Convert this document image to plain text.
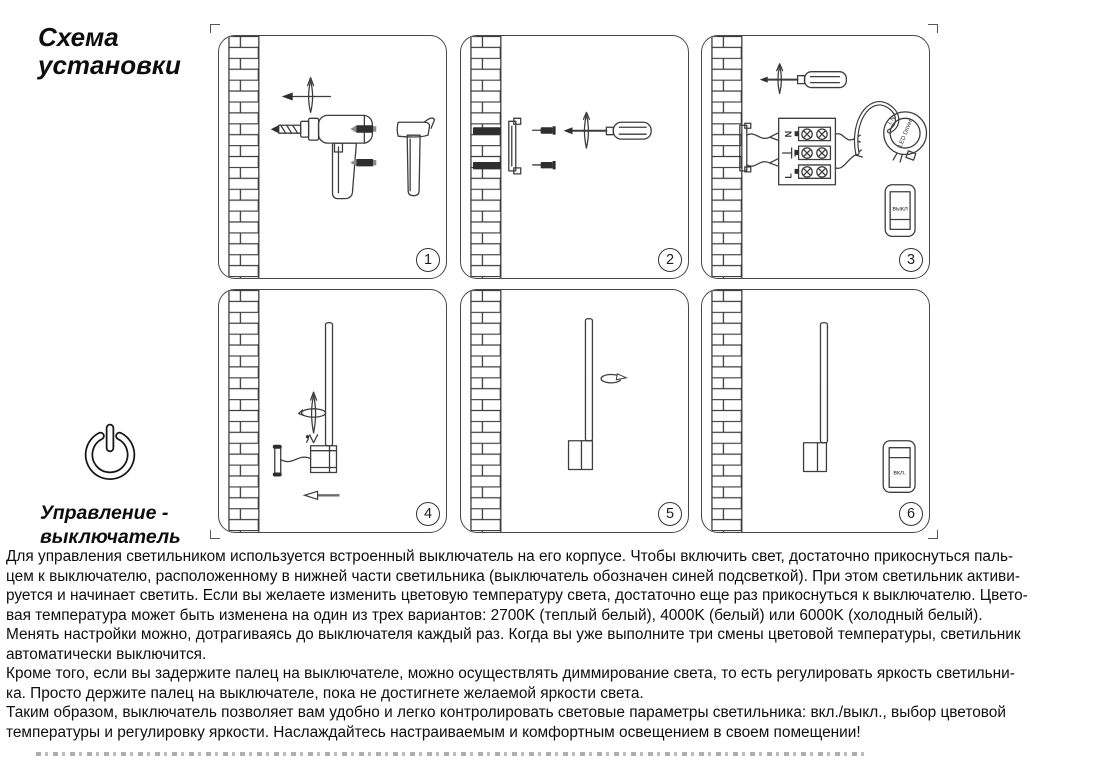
Схема
установки
1	2
N
L
L N LED Driver
выкл
3
4	5
вкл.
6
Управление -
выключатель
Для управления светильником используется встроенный выключатель на его корпусе. Чтобы включить свет, достаточно прикоснуться паль-
цем к выключателю, расположенному в нижней части светильника (выключатель обозначен синей подсветкой). При этом светильник активи-
руется и начинает светить. Если вы желаете изменить цветовую температуру света, достаточно еще раз прикоснуться к выключателю. Цвето-
вая температура может быть изменена на один из трех вариантов: 2700K (теплый белый), 4000K (белый) или 6000K (холодный белый).
Менять настройки можно, дотрагиваясь до выключателя каждый раз. Когда вы уже выполните три смены цветовой температуры, светильник
автоматически выключится.
Кроме того, если вы задержите палец на выключателе, можно осуществлять диммирование света, то есть регулировать яркость светильни-
ка. Просто держите палец на выключателе, пока не достигнете желаемой яркости света.
Таким образом, выключатель позволяет вам удобно и легко контролировать световые параметры светильника: вкл./выкл., выбор цветовой
температуры и регулировку яркости. Наслаждайтесь настраиваемым и комфортным освещением в своем помещении!
